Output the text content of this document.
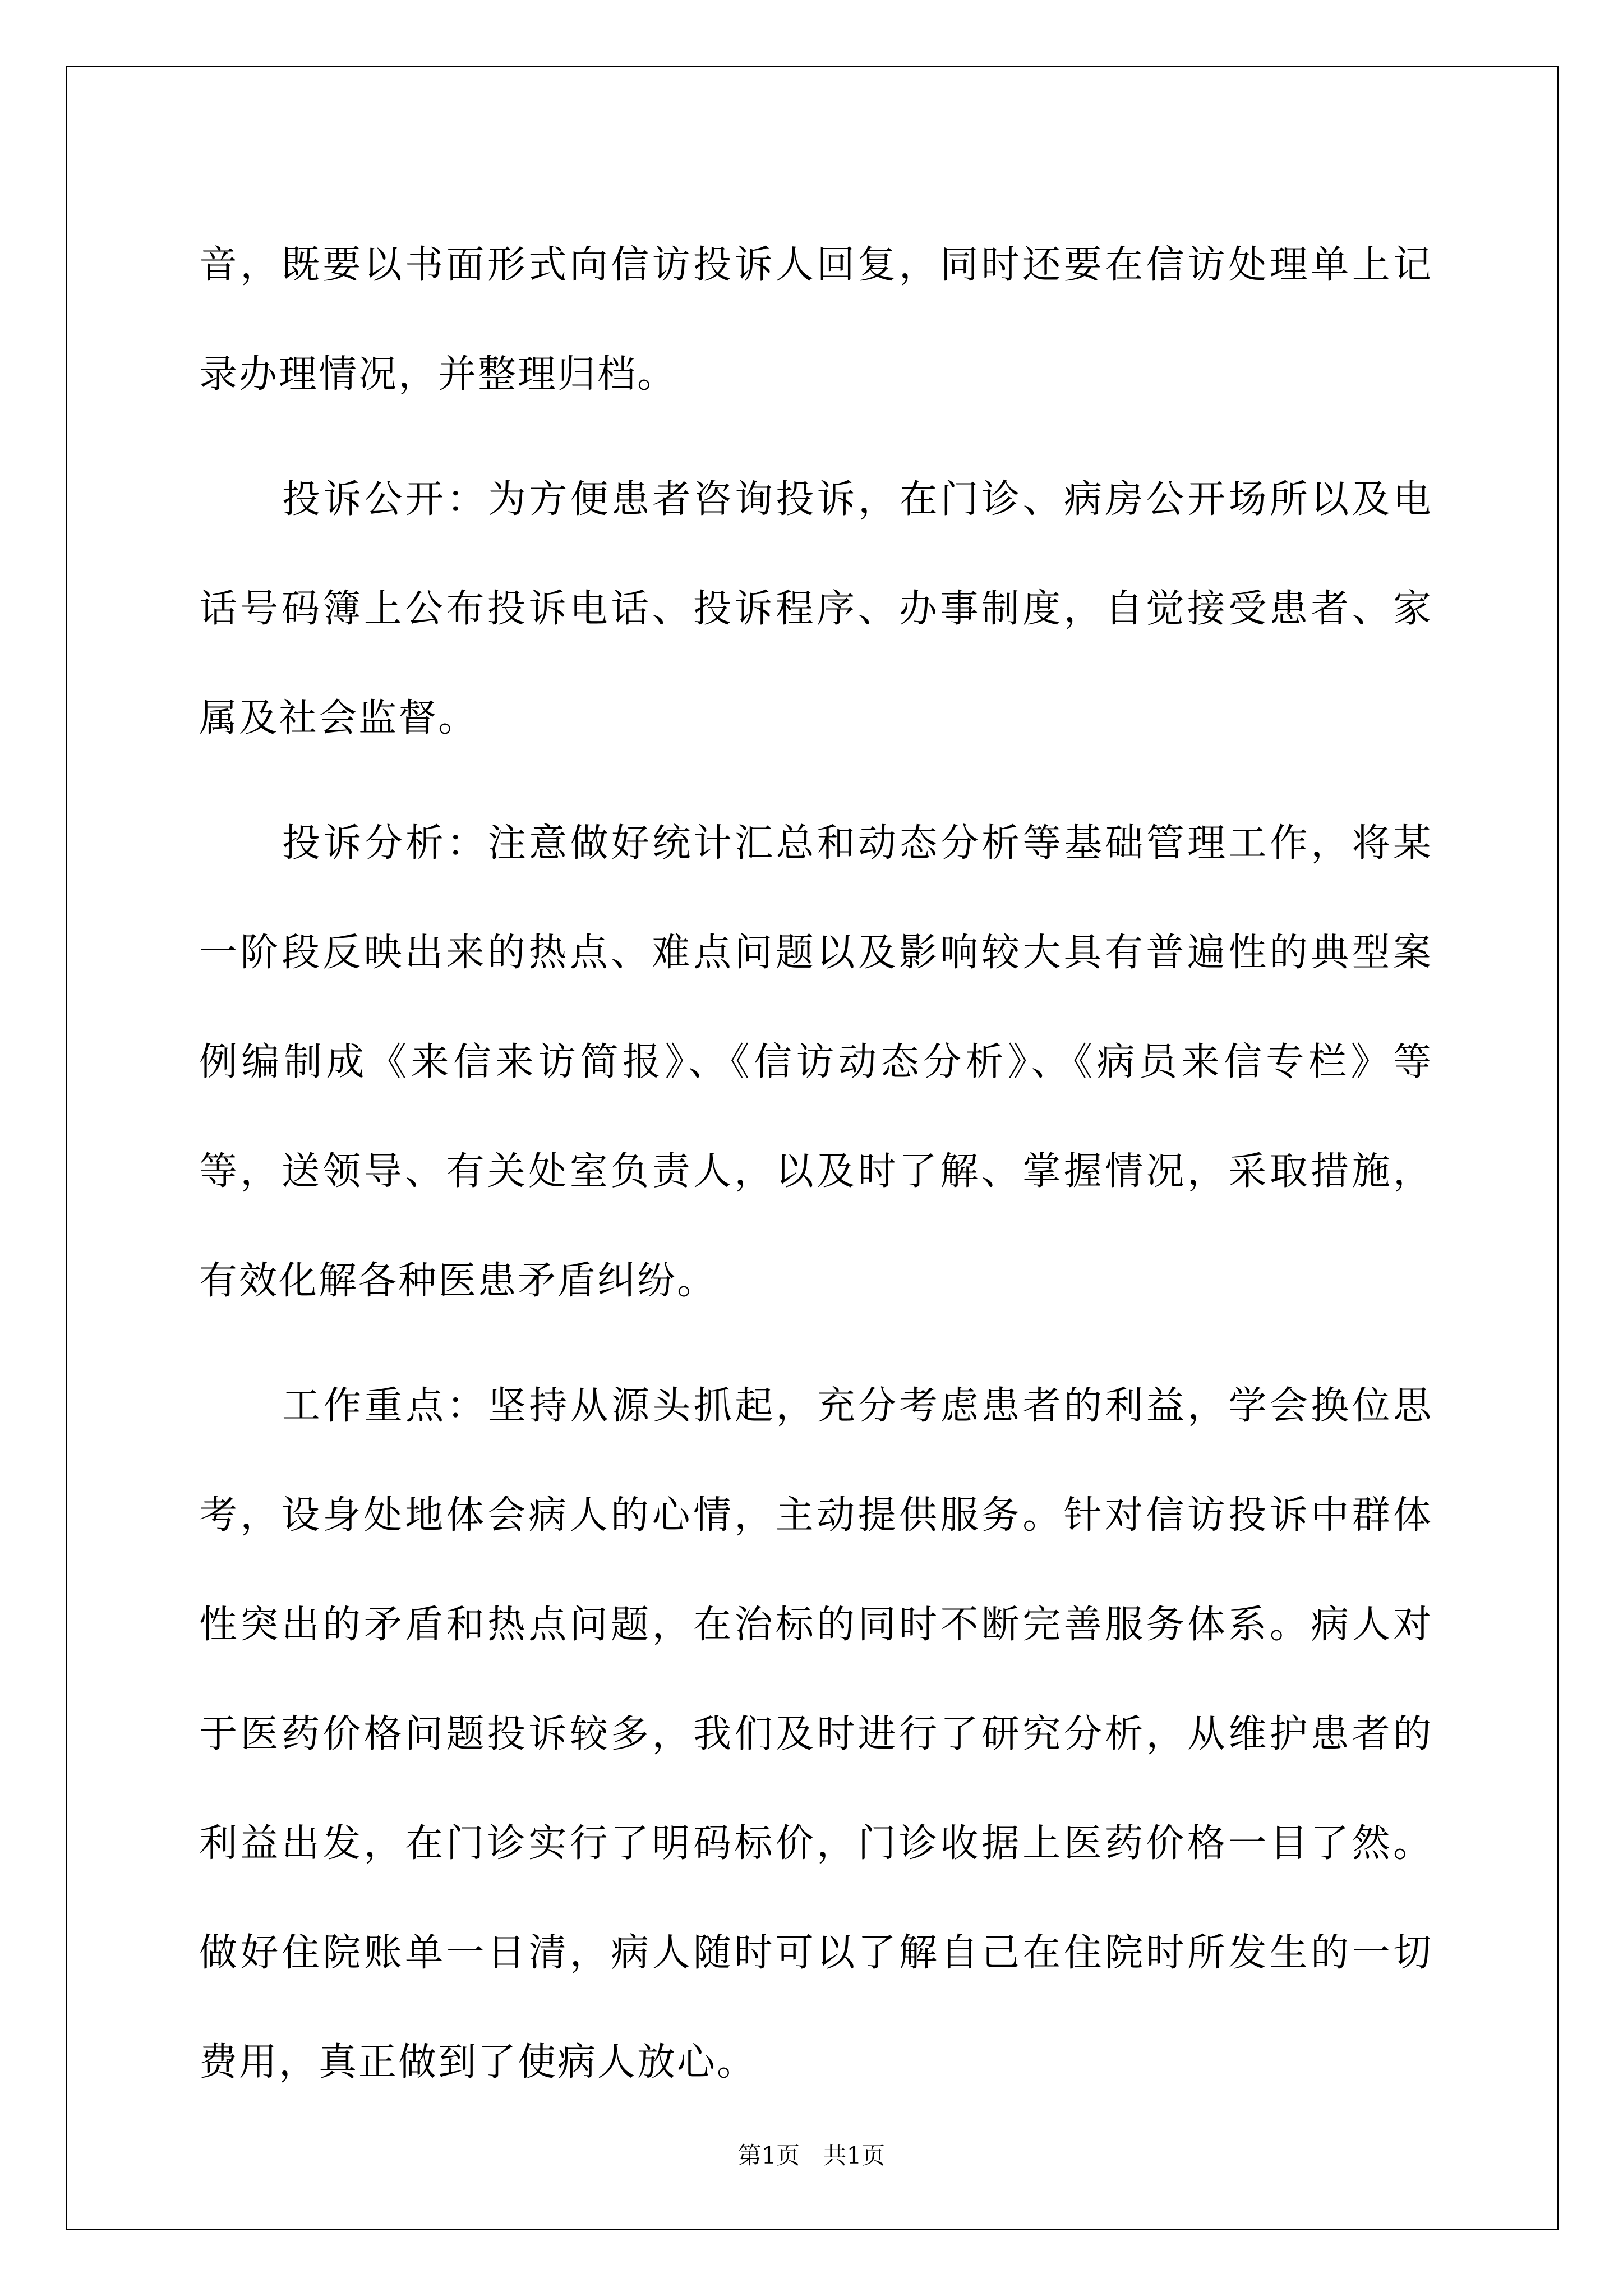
音，既要以书面形式向信访投诉人回复，同时还要在信访处理单上记录办理情况，并整理归档。

投诉公开：为方便患者咨询投诉，在门诊、病房公开场所以及电话号码簿上公布投诉电话、投诉程序、办事制度，自觉接受患者、家属及社会监督。

投诉分析：注意做好统计汇总和动态分析等基础管理工作，将某一阶段反映出来的热点、难点问题以及影响较大具有普遍性的典型案例编制成《来信来访简报》、《信访动态分析》、《病员来信专栏》等等，送领导、有关处室负责人，以及时了解、掌握情况，采取措施，有效化解各种医患矛盾纠纷。

工作重点：坚持从源头抓起，充分考虑患者的利益，学会换位思考，设身处地体会病人的心情，主动提供服务。针对信访投诉中群体性突出的矛盾和热点问题，在治标的同时不断完善服务体系。病人对于医药价格问题投诉较多，我们及时进行了研究分析，从维护患者的利益出发，在门诊实行了明码标价，门诊收据上医药价格一目了然。做好住院账单一日清，病人随时可以了解自己在住院时所发生的一切费用，真正做到了使病人放心。

第1页 共1页
